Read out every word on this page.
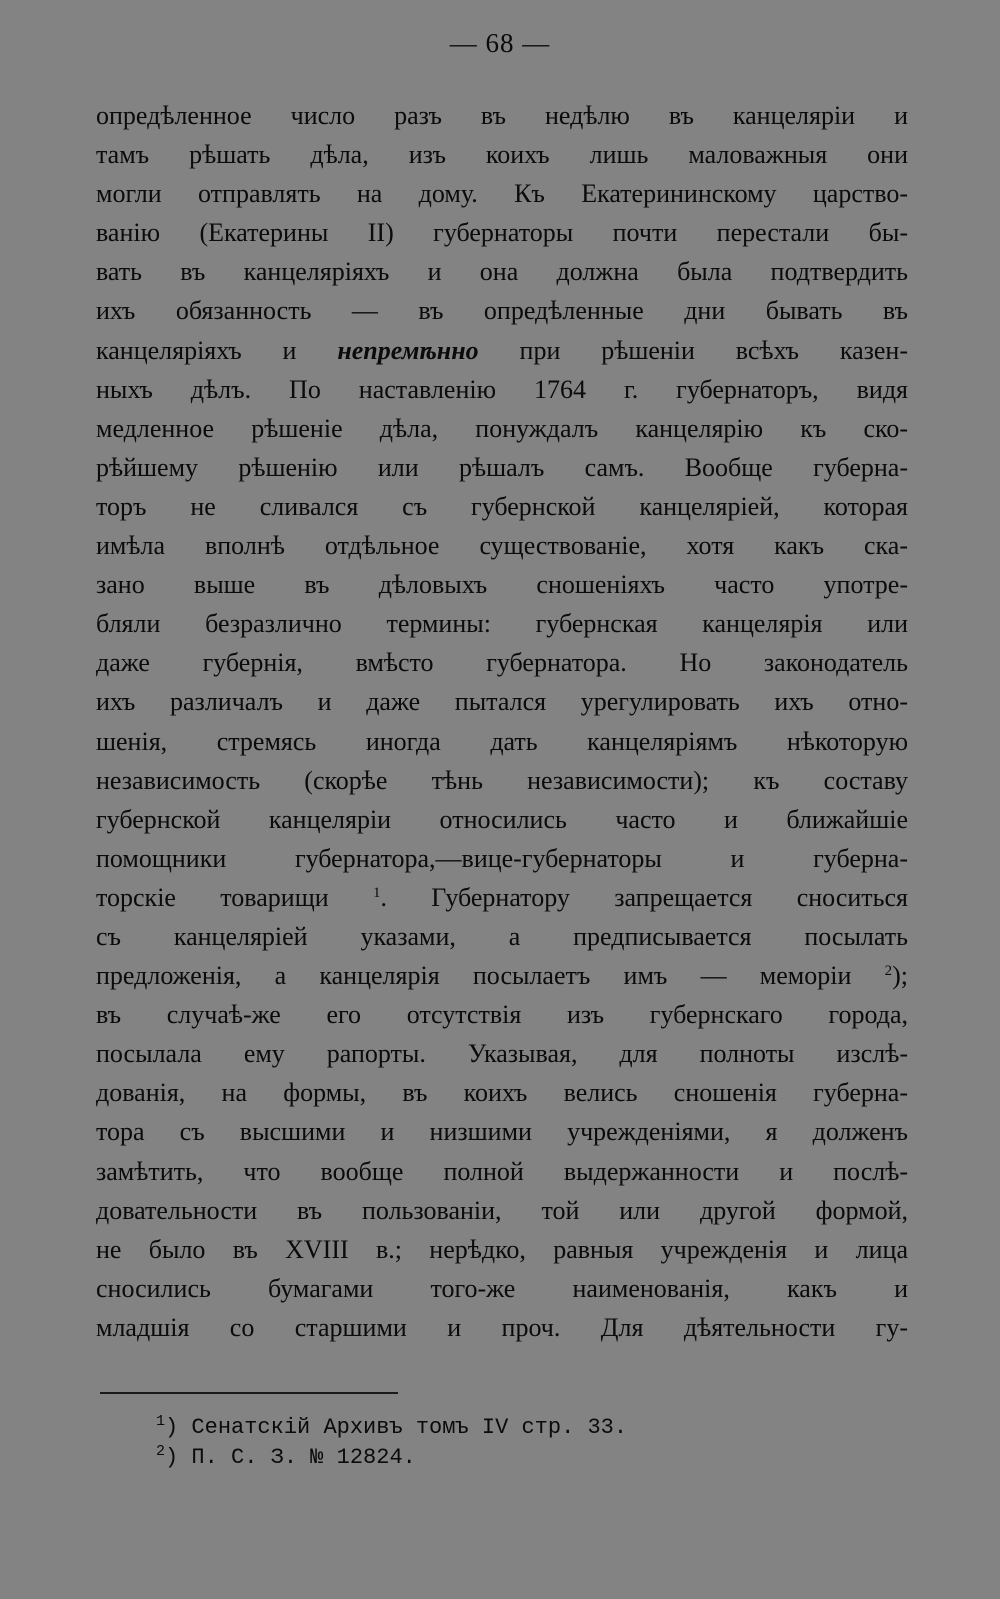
— 68 —
опредѣленное число разъ въ недѣлю въ канцеляріи и
тамъ рѣшать дѣла, изъ коихъ лишь маловажныя они
могли отправлять на дому. Къ Екатерининскому царство-
ванію (Екатерины II) губернаторы почти перестали бы-
вать въ канцеляріяхъ и она должна была подтвердить
ихъ обязанность — въ опредѣленные дни бывать въ
канцеляріяхъ и непремѣнно при рѣшеніи всѣхъ казен-
ныхъ дѣлъ. По наставленію 1764 г. губернаторъ, видя
медленное рѣшеніе дѣла, понуждалъ канцелярію къ ско-
рѣйшему рѣшенію или рѣшалъ самъ. Вообще губерна-
торъ не сливался съ губернской канцеляріей, которая
имѣла вполнѣ отдѣльное существованіе, хотя какъ ска-
зано выше въ дѣловыхъ сношеніяхъ часто употре-
бляли безразлично термины: губернская канцелярія или
даже губернія, вмѣсто губернатора. Но законодатель
ихъ различалъ и даже пытался урегулировать ихъ отно-
шенія, стремясь иногда дать канцеляріямъ нѣкоторую
независимость (скорѣе тѣнь независимости); къ составу
губернской канцеляріи относились часто и ближайшіе
помощники губернатора,—вице-губернаторы и губерна-
торскіе товарищи	$^1$. Губернатору запрещается сноситься
съ канцеляріей указами, а предписывается посылать
предложенія, а канцелярія посылаетъ имъ — меморіи $^2$);
въ случаѣ-же его отсутствія изъ губернскаго города,
посылала ему рапорты. Указывая, для полноты изслѣ-
дованія, на формы, въ коихъ велись сношенія губерна-
тора съ высшими и низшими учрежденіями, я долженъ
замѣтить, что вообще полной выдержанности и послѣ-
довательности въ пользованіи, той или другой формой,
не было въ XVIII в.; нерѣдко, равныя учрежденія и лица
сносились бумагами того-же наименованія, какъ и
младшія со старшими и проч. Для дѣятельности гу-
$^1$) Сенатскій Архивъ томъ IV стр. 33.
$^2$) П. С. З. № 12824.
